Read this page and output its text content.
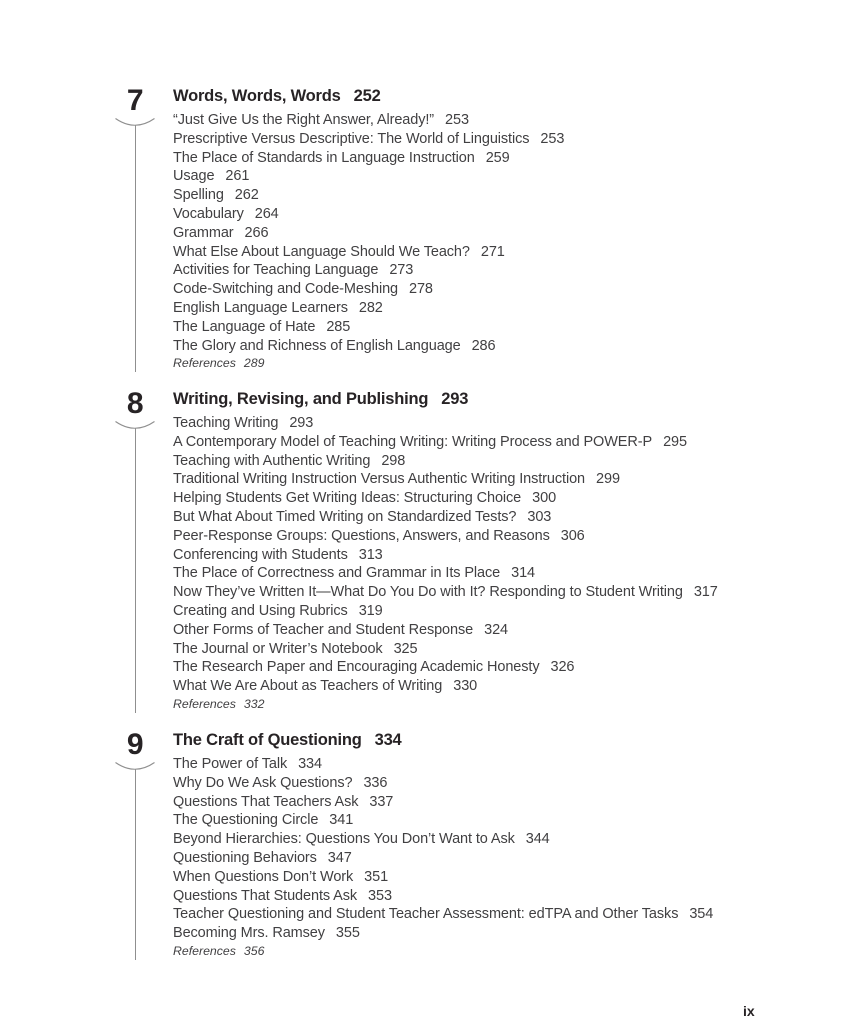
7 Words, Words, Words 252
“Just Give Us the Right Answer, Already!” 253
Prescriptive Versus Descriptive: The World of Linguistics 253
The Place of Standards in Language Instruction 259
Usage 261
Spelling 262
Vocabulary 264
Grammar 266
What Else About Language Should We Teach? 271
Activities for Teaching Language 273
Code-Switching and Code-Meshing 278
English Language Learners 282
The Language of Hate 285
The Glory and Richness of English Language 286
References 289
8 Writing, Revising, and Publishing 293
Teaching Writing 293
A Contemporary Model of Teaching Writing: Writing Process and POWER-P 295
Teaching with Authentic Writing 298
Traditional Writing Instruction Versus Authentic Writing Instruction 299
Helping Students Get Writing Ideas: Structuring Choice 300
But What About Timed Writing on Standardized Tests? 303
Peer-Response Groups: Questions, Answers, and Reasons 306
Conferencing with Students 313
The Place of Correctness and Grammar in Its Place 314
Now They’ve Written It—What Do You Do with It? Responding to Student Writing 317
Creating and Using Rubrics 319
Other Forms of Teacher and Student Response 324
The Journal or Writer’s Notebook 325
The Research Paper and Encouraging Academic Honesty 326
What We Are About as Teachers of Writing 330
References 332
9 The Craft of Questioning 334
The Power of Talk 334
Why Do We Ask Questions? 336
Questions That Teachers Ask 337
The Questioning Circle 341
Beyond Hierarchies: Questions You Don’t Want to Ask 344
Questioning Behaviors 347
When Questions Don’t Work 351
Questions That Students Ask 353
Teacher Questioning and Student Teacher Assessment: edTPA and Other Tasks 354
Becoming Mrs. Ramsey 355
References 356
ix
